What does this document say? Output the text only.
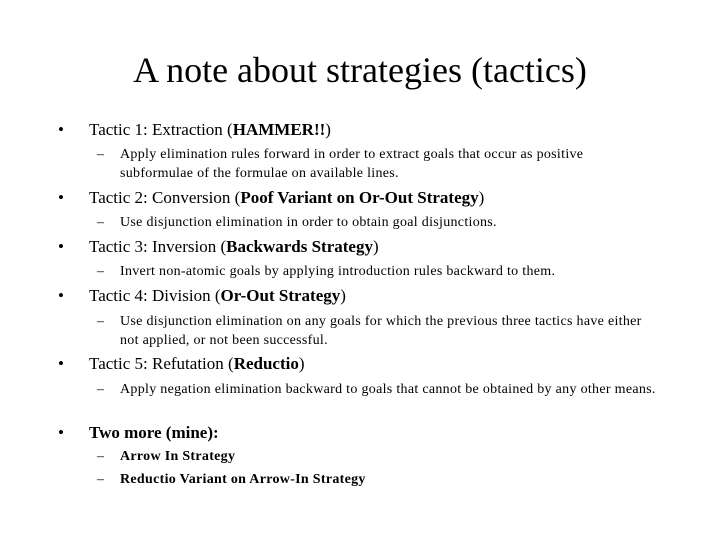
A note about strategies (tactics)
• Tactic 1: Extraction (HAMMER!!)
– Apply elimination rules forward in order to extract goals that occur as positive subformulae of the formulae on available lines.
• Tactic 2: Conversion (Poof Variant on Or-Out Strategy)
– Use disjunction elimination in order to obtain goal disjunctions.
• Tactic 3: Inversion (Backwards Strategy)
– Invert non-atomic goals by applying introduction rules backward to them.
• Tactic 4: Division (Or-Out Strategy)
– Use disjunction elimination on any goals for which the previous three tactics have either not applied, or not been successful.
• Tactic 5: Refutation (Reductio)
– Apply negation elimination backward to goals that cannot be obtained by any other means.
• Two more (mine):
– Arrow In Strategy
– Reductio Variant on Arrow-In Strategy
